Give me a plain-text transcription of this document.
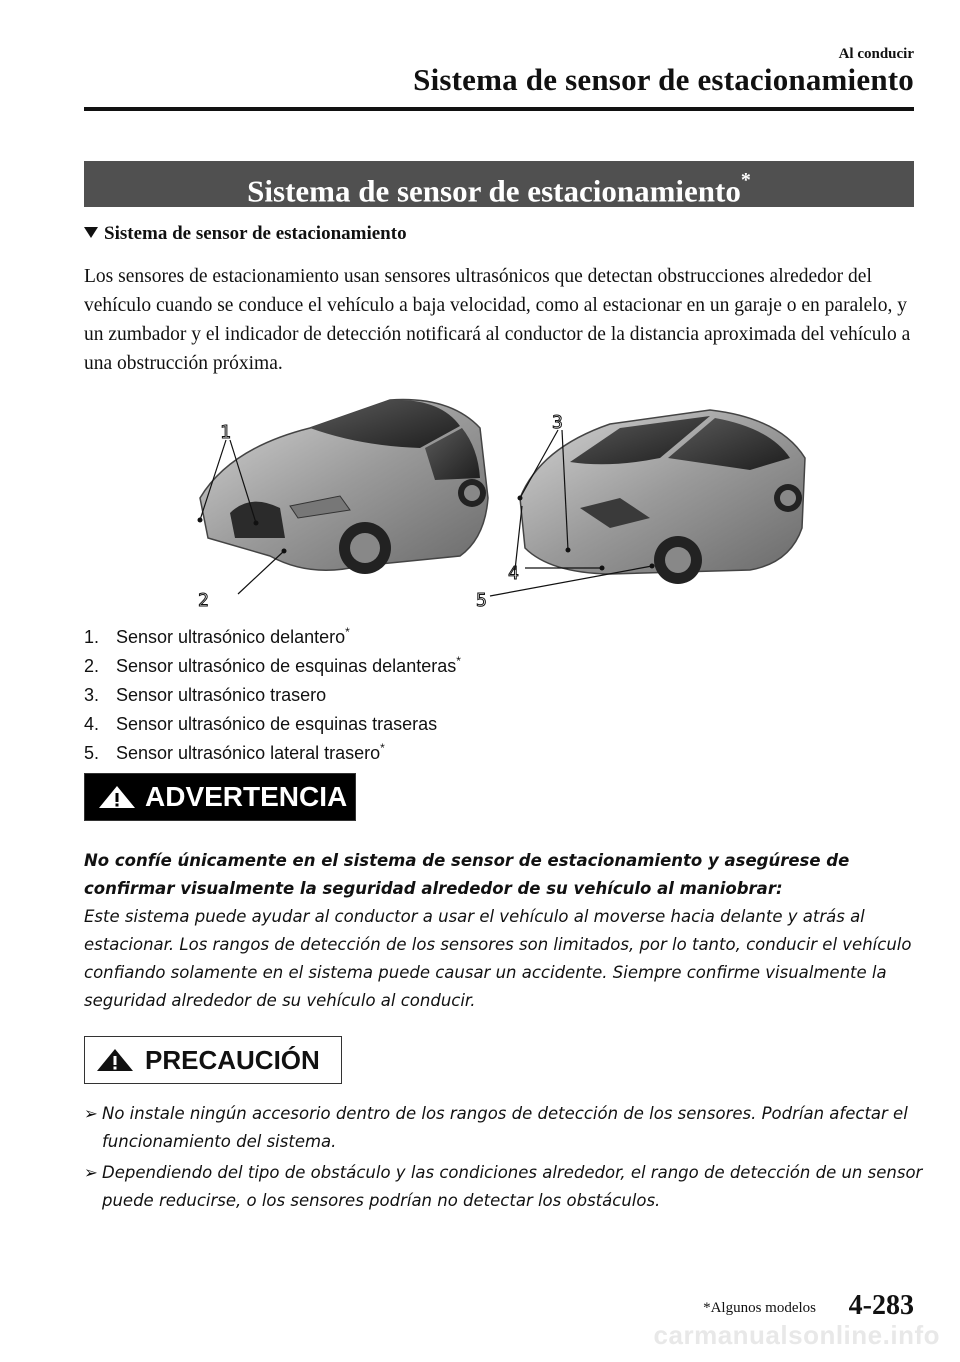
Al conducir
Sistema de sensor de estacionamiento
Sistema de sensor de estacionamiento*
Sistema de sensor de estacionamiento

Los sensores de estacionamiento usan sensores ultrasónicos que detectan obstrucciones alrededor del vehículo cuando se conduce el vehículo a baja velocidad, como al estacionar en un garaje o en paralelo, y un zumbador y el indicador de detección notificará al conductor de la distancia aproximada del vehículo a una obstrucción próxima.

1
2
3
4
5
1. Sensor ultrasónico delantero*
2. Sensor ultrasónico de esquinas delanteras*
3. Sensor ultrasónico trasero
4. Sensor ultrasónico de esquinas traseras
5. Sensor ultrasónico lateral trasero*
ADVERTENCIA

No confíe únicamente en el sistema de sensor de estacionamiento y asegúrese de confirmar visualmente la seguridad alrededor de su vehículo al maniobrar:

Este sistema puede ayudar al conductor a usar el vehículo al moverse hacia delante y atrás al estacionar. Los rangos de detección de los sensores son limitados, por lo tanto, conducir el vehículo confiando solamente en el sistema puede causar un accidente. Siempre confirme visualmente la seguridad alrededor de su vehículo al conducir.

PRECAUCIÓN
➢ No instale ningún accesorio dentro de los rangos de detección de los sensores. Podrían afectar el funcionamiento del sistema.
➢ Dependiendo del tipo de obstáculo y las condiciones alrededor, el rango de detección de un sensor puede reducirse, o los sensores podrían no detectar los obstáculos.
*Algunos modelos 4-283
carmanualsonline.info
